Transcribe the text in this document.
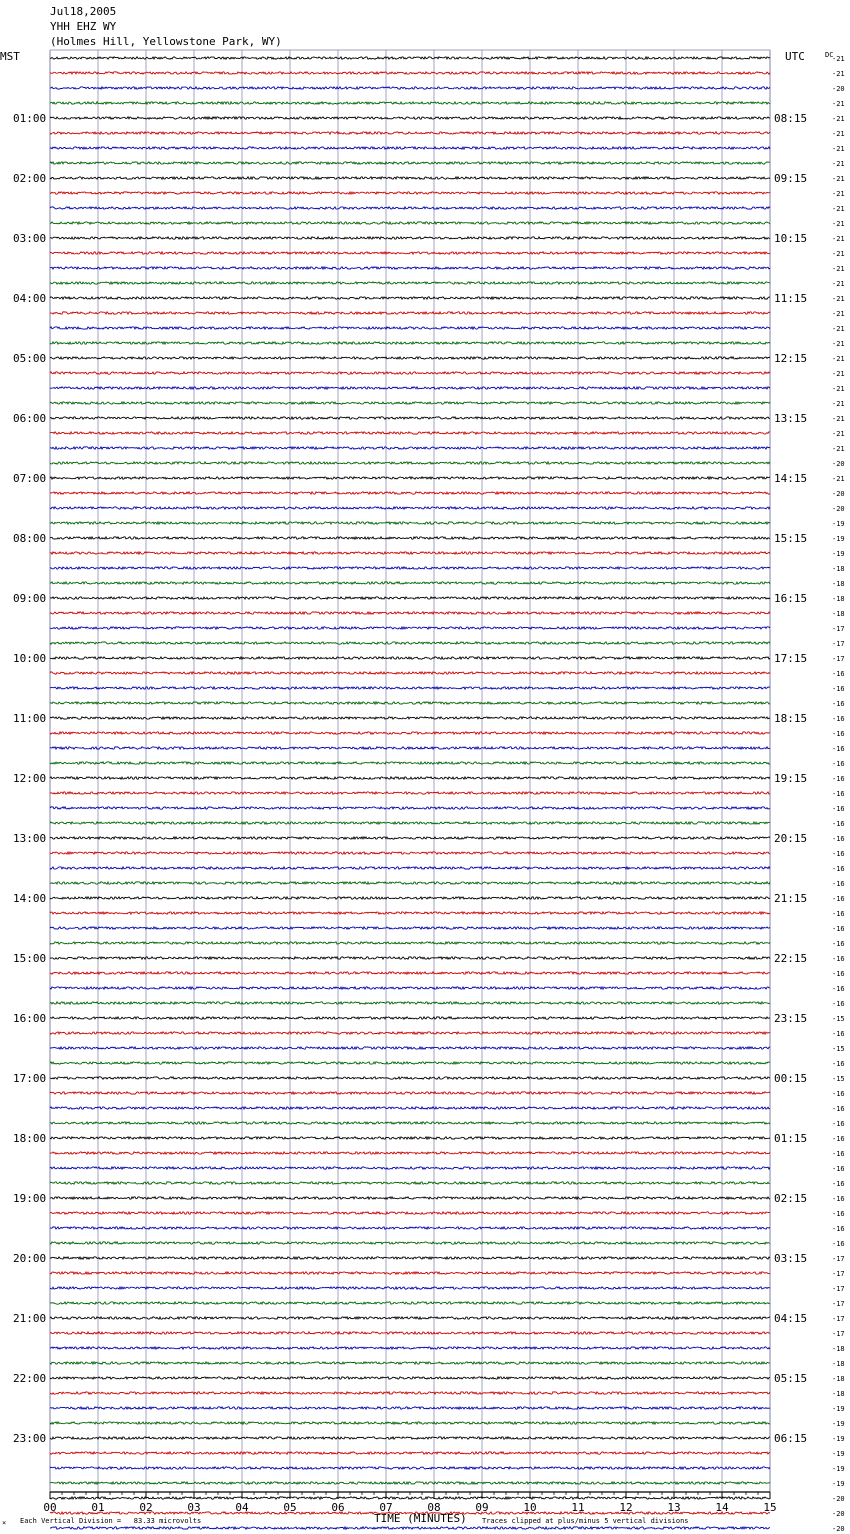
Jul18,2005
YHH EHZ WY
(Holmes Hill, Yellowstone Park, WY)
MST	UTC	DC
TIME (MINUTES)
Each Vertical Division =   83.33 microvolts	Traces clipped at plus/minus 5 vertical divisions
×
00	01	02	03	04	05	06	07	08	09	10	11	12	13	14	15
-21
-21
-20
-21
-21
01:00	08:15
-21
-21
-21
-21
02:00	09:15
-21
-21
-21
-21
03:00	10:15
-21
-21
-21
-21
04:00	11:15
-21
-21
-21
-21
05:00	12:15
-21
-21
-21
-21
06:00	13:15
-21
-21
-20
-21
07:00	14:15
-20
-20
-19
-19
08:00	15:15
-19
-18
-18
-18
09:00	16:15
-18
-17
-17
-17
10:00	17:15
-16
-16
-16
-16
11:00	18:15
-16
-16
-16
-16
12:00	19:15
-16
-16
-16
-16
13:00	20:15
-16
-16
-16
-16
14:00	21:15
-16
-16
-16
-16
15:00	22:15
-16
-16
-16
-15
16:00	23:15
-16
-15
-16
-15
17:00	00:15
-16
-16
-16
-16
18:00	01:15
-16
-16
-16
-16
19:00	02:15
-16
-16
-16
-17
20:00	03:15
-17
-17
-17
-17
21:00	04:15
-17
-18
-18
-18
22:00	05:15
-18
-19
-19
-19
23:00	06:15
-19
-19
-19
-20
-20
-20
